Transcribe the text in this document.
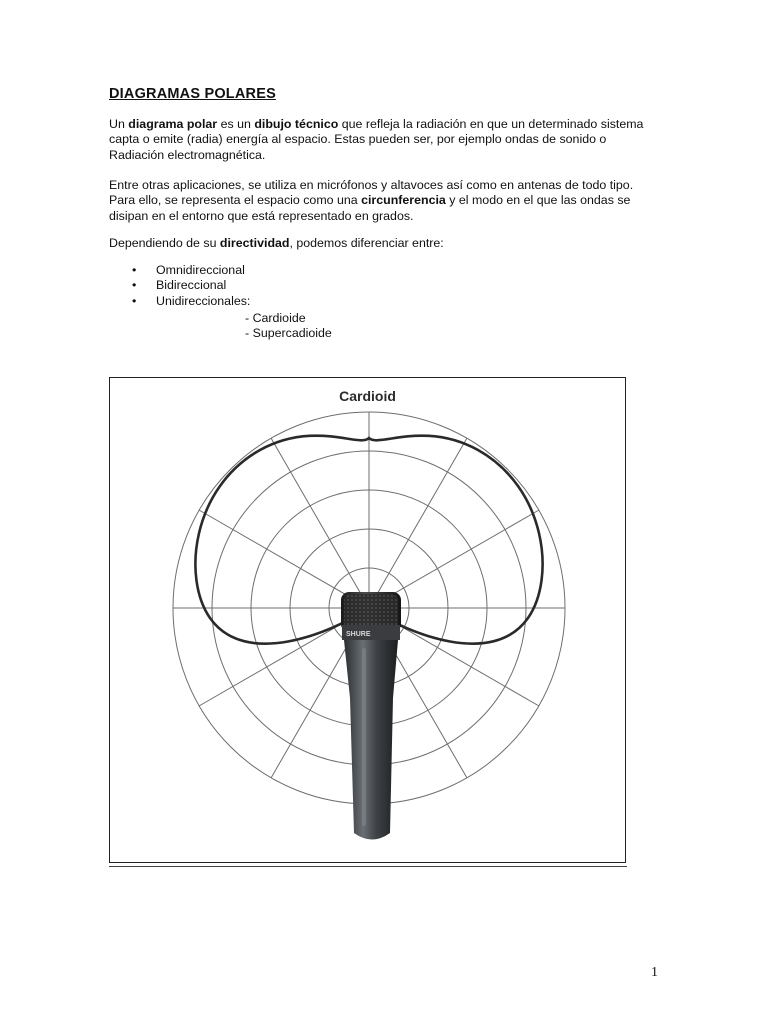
DIAGRAMAS POLARES

Un diagrama polar es un dibujo técnico que refleja la radiación en que un determinado sistema capta o emite (radia) energía al espacio. Estas pueden ser, por ejemplo ondas de sonido o Radiación electromagnética.

Entre otras aplicaciones, se utiliza en micrófonos y altavoces así como en antenas de todo tipo. Para ello, se representa el espacio como una circunferencia y el modo en el que las ondas se disipan en el entorno que está representado en grados.

Dependiendo de su directividad, podemos diferenciar entre:

• Omnidireccional
• Bidireccional
• Unidireccionales:
- Cardioide
- Supercadioide
Cardioid
SHURE
1
